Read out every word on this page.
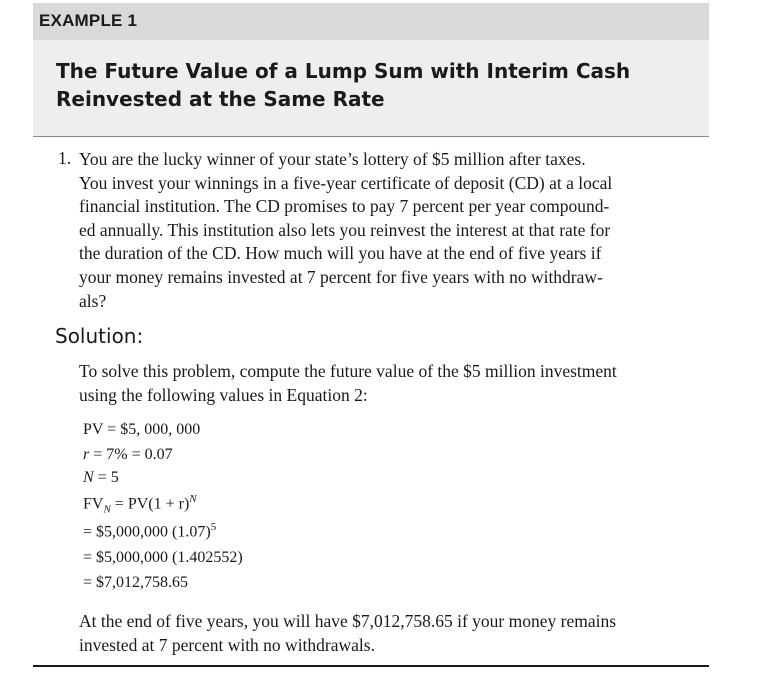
EXAMPLE 1
The Future Value of a Lump Sum with Interim Cash
Reinvested at the Same Rate
1. You are the lucky winner of your state’s lottery of $5 million after taxes.
You invest your winnings in a five-year certificate of deposit (CD) at a local
financial institution. The CD promises to pay 7 percent per year compound-
ed annually. This institution also lets you reinvest the interest at that rate for
the duration of the CD. How much will you have at the end of five years if
your money remains invested at 7 percent for five years with no withdraw-
als?
Solution:
To solve this problem, compute the future value of the $5 million investment
using the following values in Equation 2:
PV = $5, 000, 000
r = 7% = 0.07
N = 5
$FV_N = PV(1 + r)^N$
= $5,000,000 $(1.07)^5$
= $5,000,000 (1.402552)
= $7,012,758.65
At the end of five years, you will have $7,012,758.65 if your money remains
invested at 7 percent with no withdrawals.
